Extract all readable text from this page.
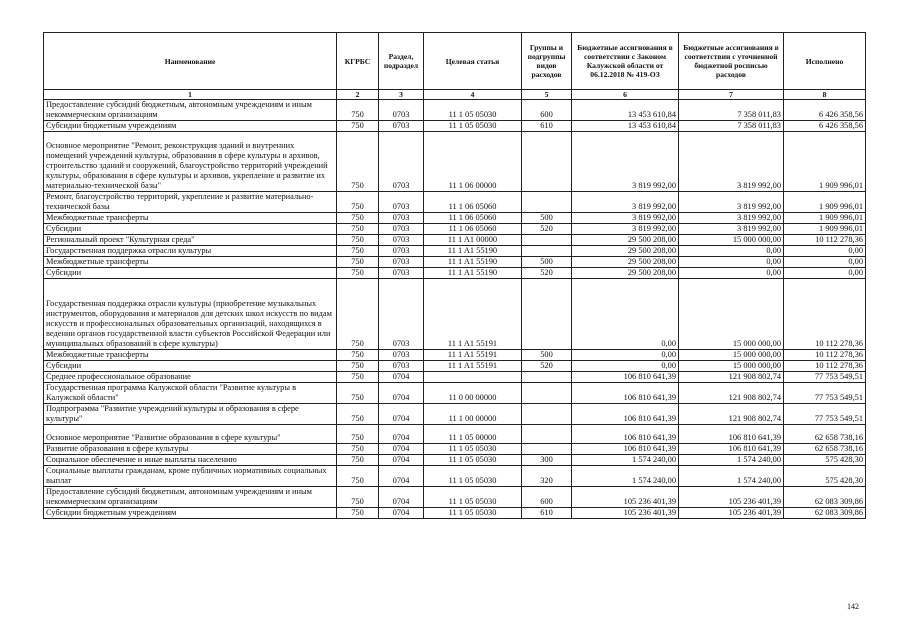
Наименование	КГРБС	Раздел, подраздел	Целевая статья	Группы и подгруппы видов расходов	Бюджетные ассигнования в соответствии с Законом Калужской области от 06.12.2018 № 419-ОЗ	Бюджетные ассигнования в соответствии с уточненной бюджетной росписью расходов	Исполнено
1	2	3	4	5	6	7	8
Предоставление субсидий бюджетным, автономным учреждениям и иным некоммерческим организациям	750	0703	11 1 05 05030	600	13 453 610,84	7 358 011,83	6 426 358,56
Субсидии бюджетным учреждениям	750	0703	11 1 05 05030	610	13 453 610,84	7 358 011,83	6 426 358,56
Основное мероприятие "Ремонт, реконструкция зданий и внутренних помещений учреждений культуры, образования в сфере культуры и архивов, строительство зданий и сооружений, благоустройство территорий учреждений культуры, образования в сфере культуры и архивов, укрепление и развитие их материально-технической базы"	750	0703	11 1 06 00000		3 819 992,00	3 819 992,00	1 909 996,01
Ремонт, благоустройство территорий, укрепление и развитие материально-технической базы	750	0703	11 1 06 05060		3 819 992,00	3 819 992,00	1 909 996,01
Межбюджетные трансферты	750	0703	11 1 06 05060	500	3 819 992,00	3 819 992,00	1 909 996,01
Субсидии	750	0703	11 1 06 05060	520	3 819 992,00	3 819 992,00	1 909 996,01
Региональный проект "Культурная среда"	750	0703	11 1 A1 00000		29 500 208,00	15 000 000,00	10 112 278,36
Государственная поддержка отрасли культуры	750	0703	11 1 A1 55190		29 500 208,00	0,00	0,00
Межбюджетные трансферты	750	0703	11 1 A1 55190	500	29 500 208,00	0,00	0,00
Субсидии	750	0703	11 1 A1 55190	520	29 500 208,00	0,00	0,00
Государственная поддержка отрасли культуры (приобретение музыкальных инструментов, оборудования и материалов для детских школ искусств по видам искусств и профессиональных образовательных организаций, находящихся в ведении органов государственной власти субъектов Российской Федерации или муниципальных образований в сфере культуры)	750	0703	11 1 A1 55191		0,00	15 000 000,00	10 112 278,36
Межбюджетные трансферты	750	0703	11 1 A1 55191	500	0,00	15 000 000,00	10 112 278,36
Субсидии	750	0703	11 1 A1 55191	520	0,00	15 000 000,00	10 112 278,36
Среднее профессиональное образование	750	0704			106 810 641,39	121 908 802,74	77 753 549,51
Государственная программа Калужской области "Развитие культуры в Калужской области"	750	0704	11 0 00 00000		106 810 641,39	121 908 802,74	77 753 549,51
Подпрограмма "Развитие учреждений культуры и образования в сфере культуры"	750	0704	11 1 00 00000		106 810 641,39	121 908 802,74	77 753 549,51
Основное мероприятие "Развитие образования в сфере культуры"	750	0704	11 1 05 00000		106 810 641,39	106 810 641,39	62 658 738,16
Развитие образования в сфере культуры	750	0704	11 1 05 05030		106 810 641,39	106 810 641,39	62 658 738,16
Социальное обеспечение и иные выплаты населению	750	0704	11 1 05 05030	300	1 574 240,00	1 574 240,00	575 428,30
Социальные выплаты гражданам, кроме публичных нормативных социальных выплат	750	0704	11 1 05 05030	320	1 574 240,00	1 574 240,00	575 428,30
Предоставление субсидий бюджетным, автономным учреждениям и иным некоммерческим организациям	750	0704	11 1 05 05030	600	105 236 401,39	105 236 401,39	62 083 309,86
Субсидии бюджетным учреждениям	750	0704	11 1 05 05030	610	105 236 401,39	105 236 401,39	62 083 309,86
142
